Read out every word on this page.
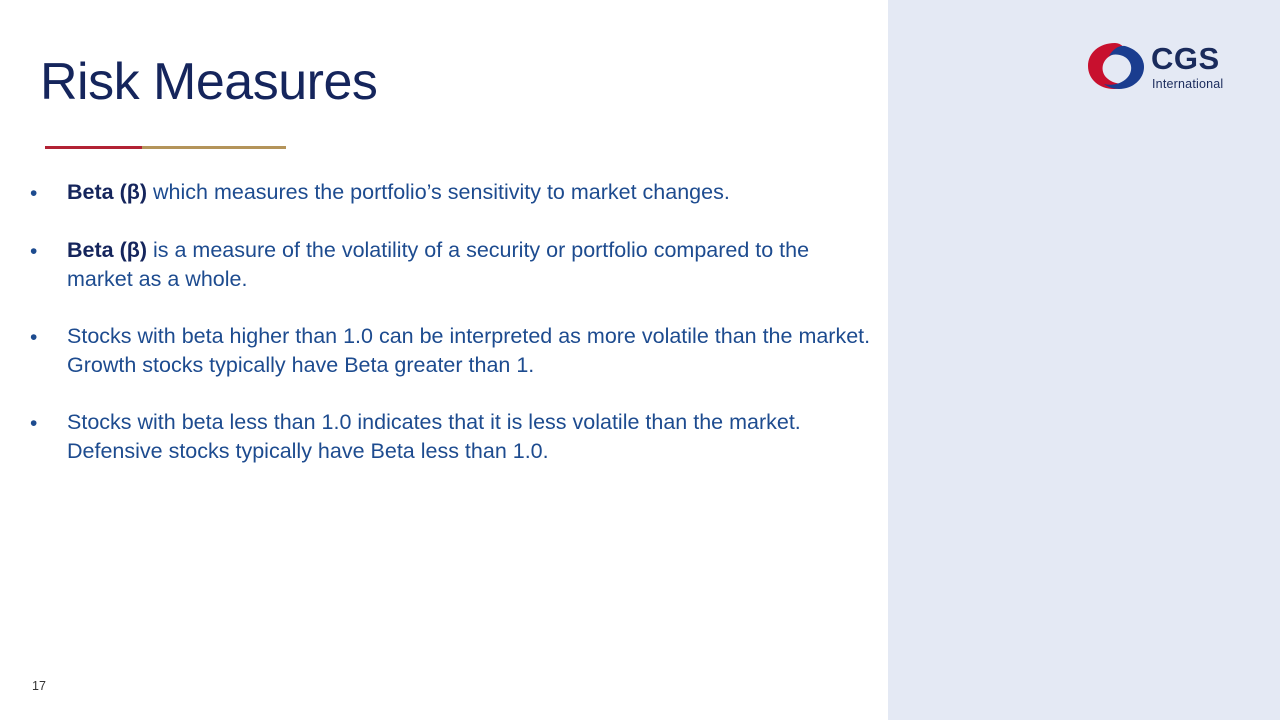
CGS
International
Risk Measures
•	Beta (β) which measures the portfolio’s sensitivity to market changes.
•	Beta (β) is a measure of the volatility of a security or portfolio compared to the market as a whole.
•	Stocks with beta higher than 1.0 can be interpreted as more volatile than the market. Growth stocks typically have Beta greater than 1.
•	Stocks with beta less than 1.0 indicates that it is less volatile than the market. Defensive stocks typically have Beta less than 1.0.
17
